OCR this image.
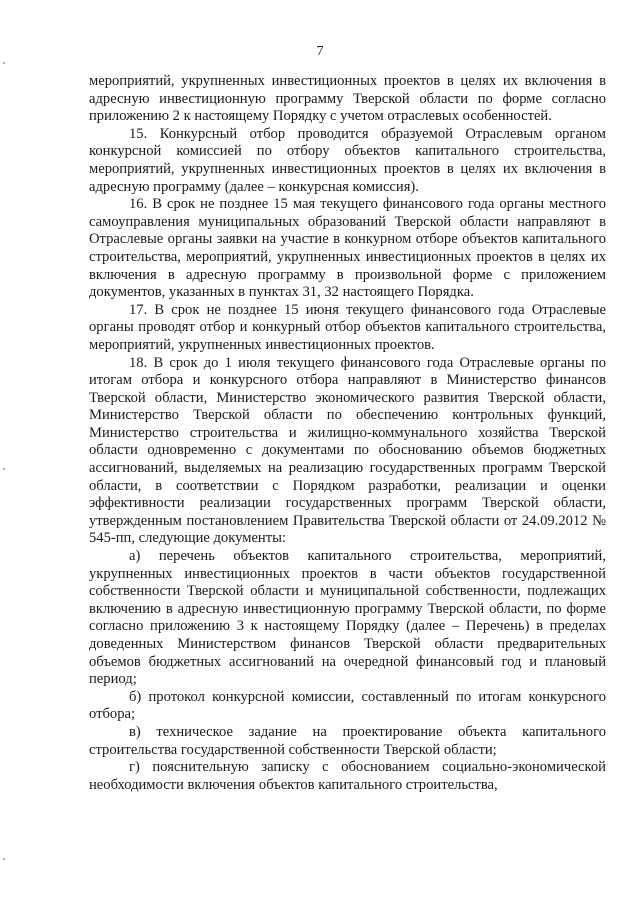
7

мероприятий, укрупненных инвестиционных проектов в целях их включения в адресную инвестиционную программу Тверской области по форме согласно приложению 2 к настоящему Порядку с учетом отраслевых особенностей.

15. Конкурсный отбор проводится образуемой Отраслевым органом конкурсной комиссией по отбору объектов капитального строительства, мероприятий, укрупненных инвестиционных проектов в целях их включения в адресную программу (далее – конкурсная комиссия).

16. В срок не позднее 15 мая текущего финансового года органы местного самоуправления муниципальных образований Тверской области направляют в Отраслевые органы заявки на участие в конкурном отборе объектов капитального строительства, мероприятий, укрупненных инвестиционных проектов в целях их включения в адресную программу в произвольной форме с приложением документов, указанных в пунктах 31, 32 настоящего Порядка.

17. В срок не позднее 15 июня текущего финансового года Отраслевые органы проводят отбор и конкурный отбор объектов капитального строительства, мероприятий, укрупненных инвестиционных проектов.

18. В срок до 1 июля текущего финансового года Отраслевые органы по итогам отбора и конкурсного отбора направляют в Министерство финансов Тверской области, Министерство экономического развития Тверской области, Министерство Тверской области по обеспечению контрольных функций, Министерство строительства и жилищно-коммунального хозяйства Тверской области одновременно с документами по обоснованию объемов бюджетных ассигнований, выделяемых на реализацию государственных программ Тверской области, в соответствии с Порядком разработки, реализации и оценки эффективности реализации государственных программ Тверской области, утвержденным постановлением Правительства Тверской области от 24.09.2012 № 545-пп, следующие документы:

а) перечень объектов капитального строительства, мероприятий, укрупненных инвестиционных проектов в части объектов государственной собственности Тверской области и муниципальной собственности, подлежащих включению в адресную инвестиционную программу Тверской области, по форме согласно приложению 3 к настоящему Порядку (далее – Перечень) в пределах доведенных Министерством финансов Тверской области предварительных объемов бюджетных ассигнований на очередной финансовый год и плановый период;

б) протокол конкурсной комиссии, составленный по итогам конкурсного отбора;

в) техническое задание на проектирование объекта капитального строительства государственной собственности Тверской области;

г) пояснительную записку с обоснованием социально-экономической необходимости включения объектов капитального строительства,
